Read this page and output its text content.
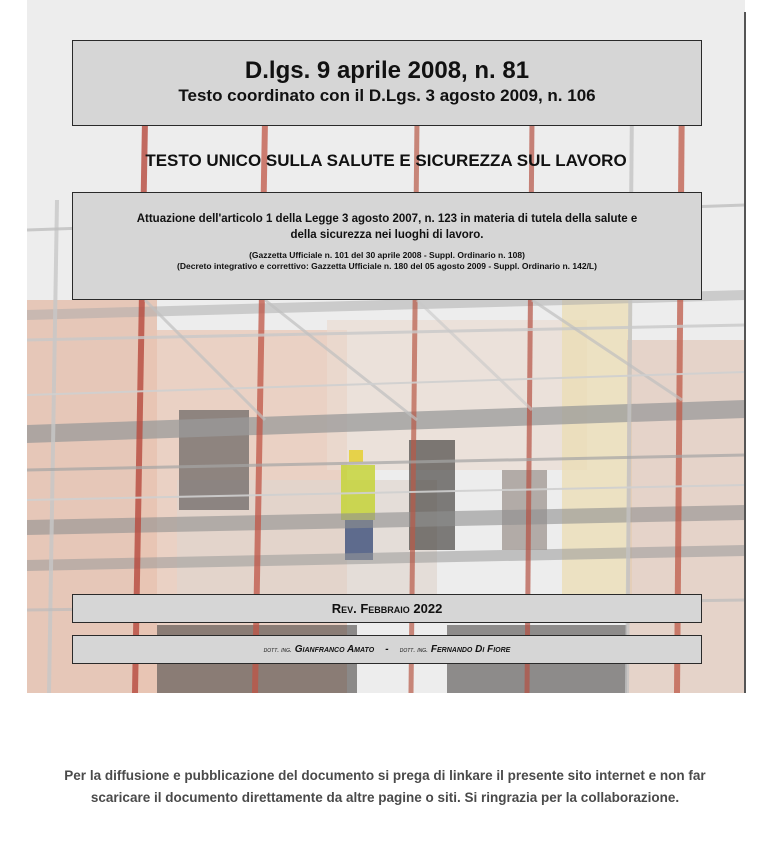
D.lgs. 9 aprile 2008, n. 81
Testo coordinato con il D.Lgs. 3 agosto 2009, n. 106
TESTO UNICO SULLA SALUTE E SICUREZZA SUL LAVORO
Attuazione dell'articolo 1 della Legge 3 agosto 2007, n. 123 in materia di tutela della salute e della sicurezza nei luoghi di lavoro.
(Gazzetta Ufficiale n. 101 del 30 aprile 2008 - Suppl. Ordinario n. 108)
(Decreto integrativo e correttivo: Gazzetta Ufficiale n. 180 del 05 agosto 2009 - Suppl. Ordinario n. 142/L)
Rev. Febbraio 2022
dott. ing. Gianfranco Amato - dott. ing. Fernando Di Fiore
Per la diffusione e pubblicazione del documento si prega di linkare il presente sito internet e non far scaricare il documento direttamente da altre pagine o siti. Si ringrazia per la collaborazione.
